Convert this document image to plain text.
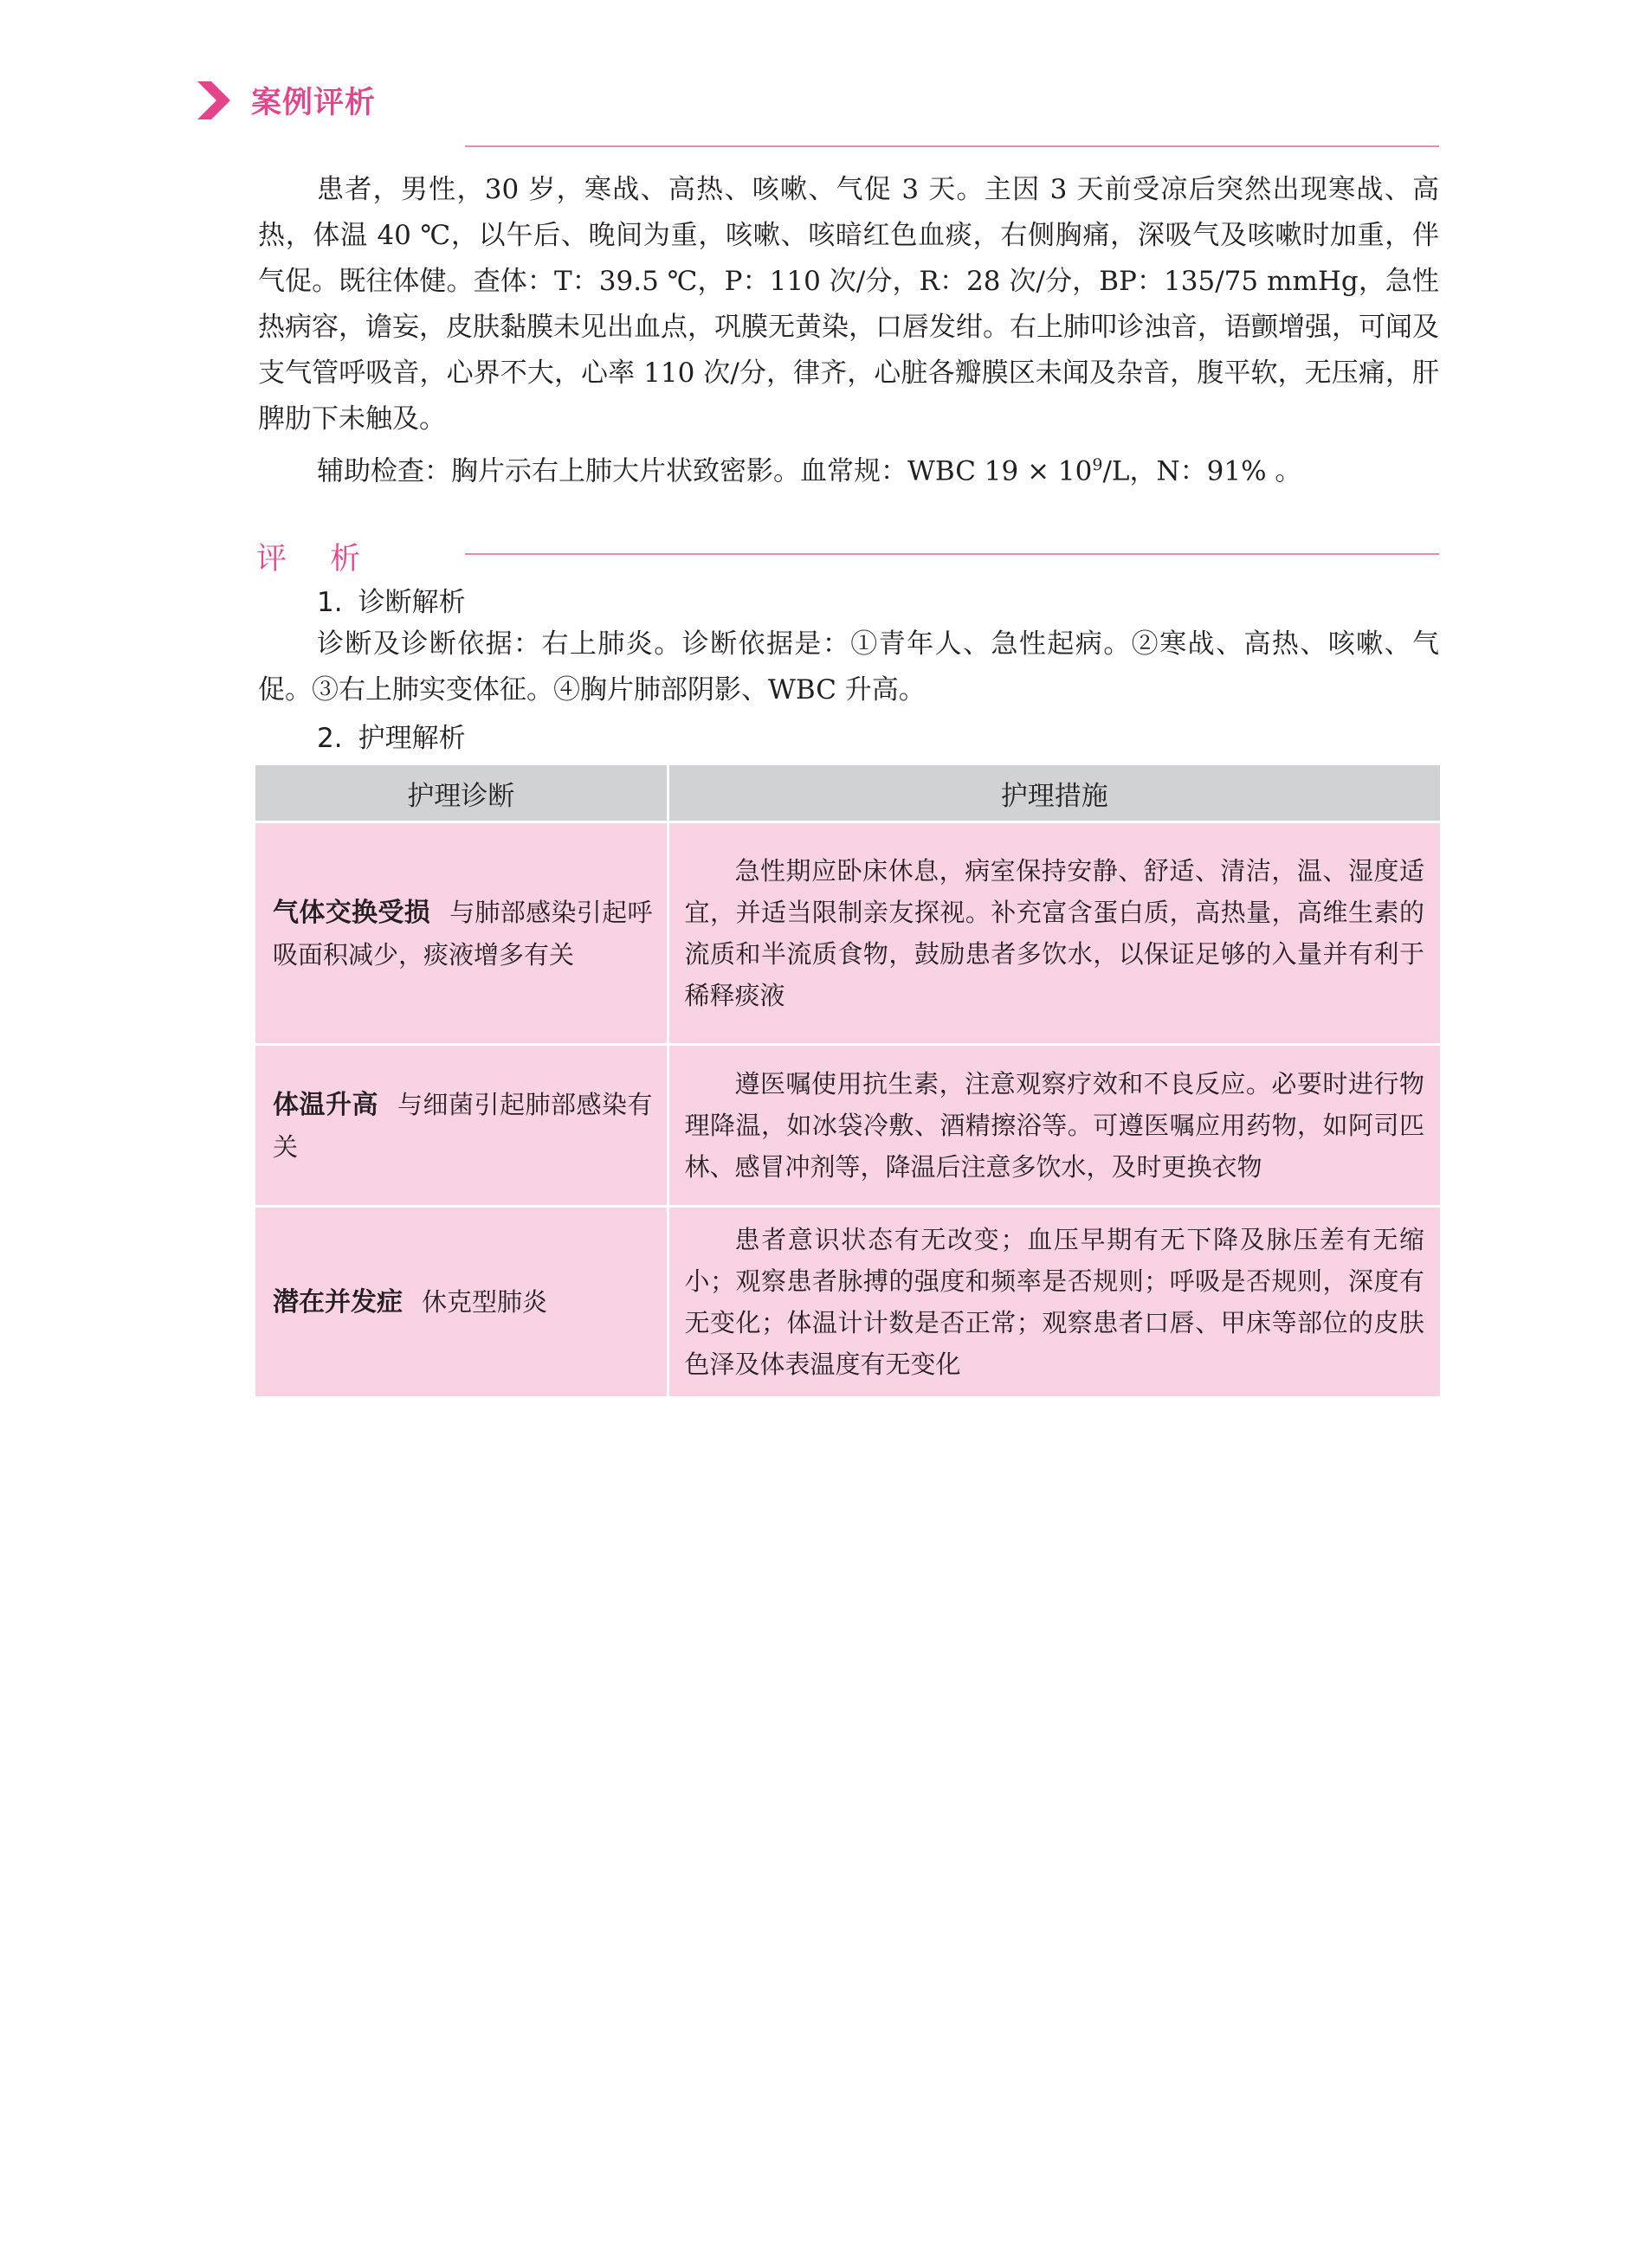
案例评析

患者，男性，30 岁，寒战、高热、咳嗽、气促 3 天。主因 3 天前受凉后突然出现寒战、高热，体温 40 ℃，以午后、晚间为重，咳嗽、咳暗红色血痰，右侧胸痛，深吸气及咳嗽时加重，伴气促。既往体健。查体：T：39.5 ℃，P：110 次/分，R：28 次/分，BP：135/75 mmHg，急性热病容，谵妄，皮肤黏膜未见出血点，巩膜无黄染，口唇发绀。右上肺叩诊浊音，语颤增强，可闻及支气管呼吸音，心界不大，心率 110 次/分，律齐，心脏各瓣膜区未闻及杂音，腹平软，无压痛，肝脾肋下未触及。

辅助检查：胸片示右上肺大片状致密影。血常规：WBC $19 \times 10^9/L$，N：91% 。

评析
1. 诊断解析

诊断及诊断依据：右上肺炎。诊断依据是：①青年人、急性起病。②寒战、高热、咳嗽、气促。③右上肺实变体征。④胸片肺部阴影、WBC 升高。

2. 护理解析
护理诊断	护理措施
气体交换受损 与肺部感染引起呼吸面积减少，痰液增多有关	急性期应卧床休息，病室保持安静、舒适、清洁，温、湿度适宜，并适当限制亲友探视。补充富含蛋白质，高热量，高维生素的流质和半流质食物，鼓励患者多饮水，以保证足够的入量并有利于稀释痰液

体温升高 与细菌引起肺部感染有关	遵医嘱使用抗生素，注意观察疗效和不良反应。必要时进行物理降温，如冰袋冷敷、酒精擦浴等。可遵医嘱应用药物，如阿司匹林、感冒冲剂等，降温后注意多饮水，及时更换衣物

潜在并发症 休克型肺炎	患者意识状态有无改变；血压早期有无下降及脉压差有无缩小；观察患者脉搏的强度和频率是否规则；呼吸是否规则，深度有无变化；体温计计数是否正常；观察患者口唇、甲床等部位的皮肤色泽及体表温度有无变化
